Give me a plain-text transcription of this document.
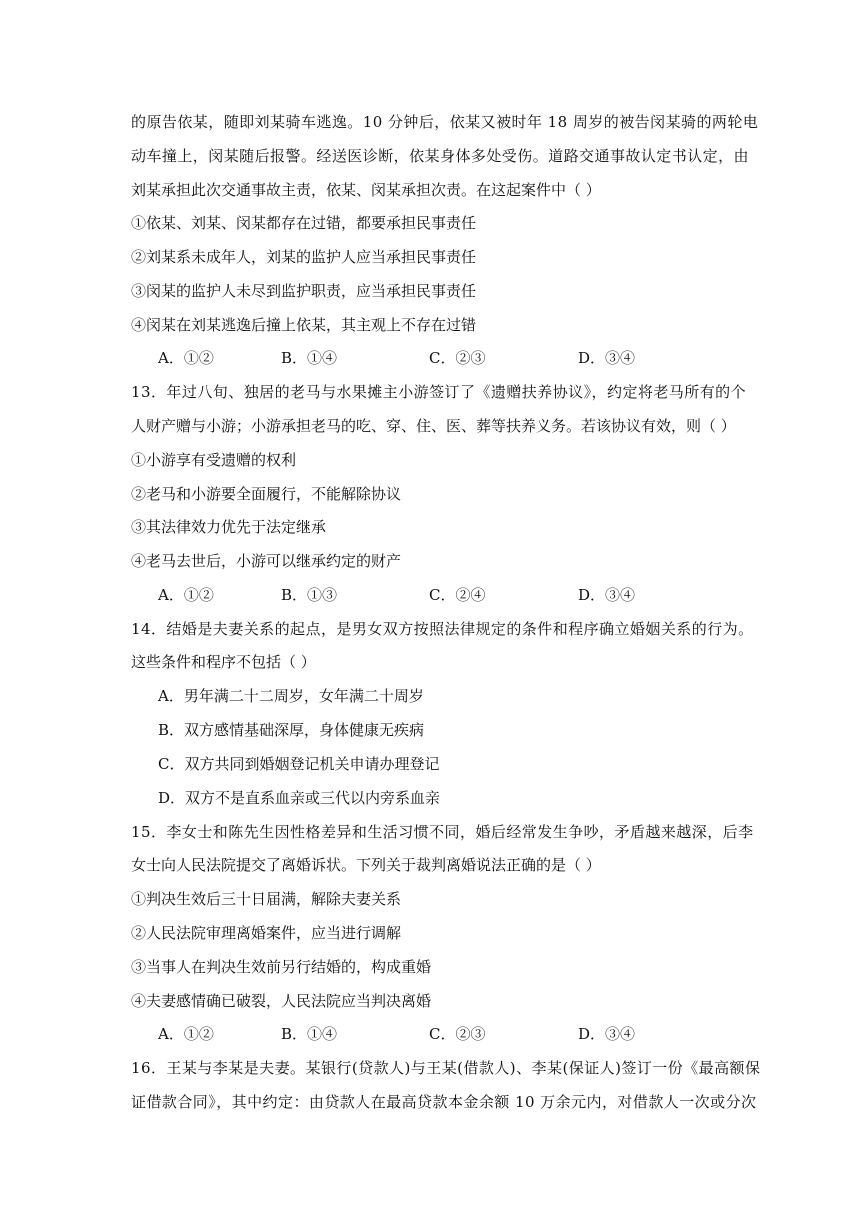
的原告依某，随即刘某骑车逃逸。10 分钟后，依某又被时年 18 周岁的被告闵某骑的两轮电
动车撞上，闵某随后报警。经送医诊断，依某身体多处受伤。道路交通事故认定书认定，由
刘某承担此次交通事故主责，依某、闵某承担次责。在这起案件中（ ）
①依某、刘某、闵某都存在过错，都要承担民事责任
②刘某系未成年人，刘某的监护人应当承担民事责任
③闵某的监护人未尽到监护职责，应当承担民事责任
④闵某在刘某逃逸后撞上依某，其主观上不存在过错
A．①②	B．①④	C．②③	D．③④
13．年过八旬、独居的老马与水果摊主小游签订了《遗赠扶养协议》，约定将老马所有的个
人财产赠与小游；小游承担老马的吃、穿、住、医、葬等扶养义务。若该协议有效，则（ ）
①小游享有受遗赠的权利
②老马和小游要全面履行，不能解除协议
③其法律效力优先于法定继承
④老马去世后，小游可以继承约定的财产
A．①②	B．①③	C．②④	D．③④
14．结婚是夫妻关系的起点，是男女双方按照法律规定的条件和程序确立婚姻关系的行为。
这些条件和程序不包括（ ）
A．男年满二十二周岁，女年满二十周岁
B．双方感情基础深厚，身体健康无疾病
C．双方共同到婚姻登记机关申请办理登记
D．双方不是直系血亲或三代以内旁系血亲
15．李女士和陈先生因性格差异和生活习惯不同，婚后经常发生争吵，矛盾越来越深，后李
女士向人民法院提交了离婚诉状。下列关于裁判离婚说法正确的是（ ）
①判决生效后三十日届满，解除夫妻关系
②人民法院审理离婚案件，应当进行调解
③当事人在判决生效前另行结婚的，构成重婚
④夫妻感情确已破裂，人民法院应当判决离婚
A．①②	B．①④	C．②③	D．③④
16．王某与李某是夫妻。某银行(贷款人)与王某(借款人)、李某(保证人)签订一份《最高额保
证借款合同》，其中约定：由贷款人在最高贷款本金余额 10 万余元内，对借款人一次或分次
